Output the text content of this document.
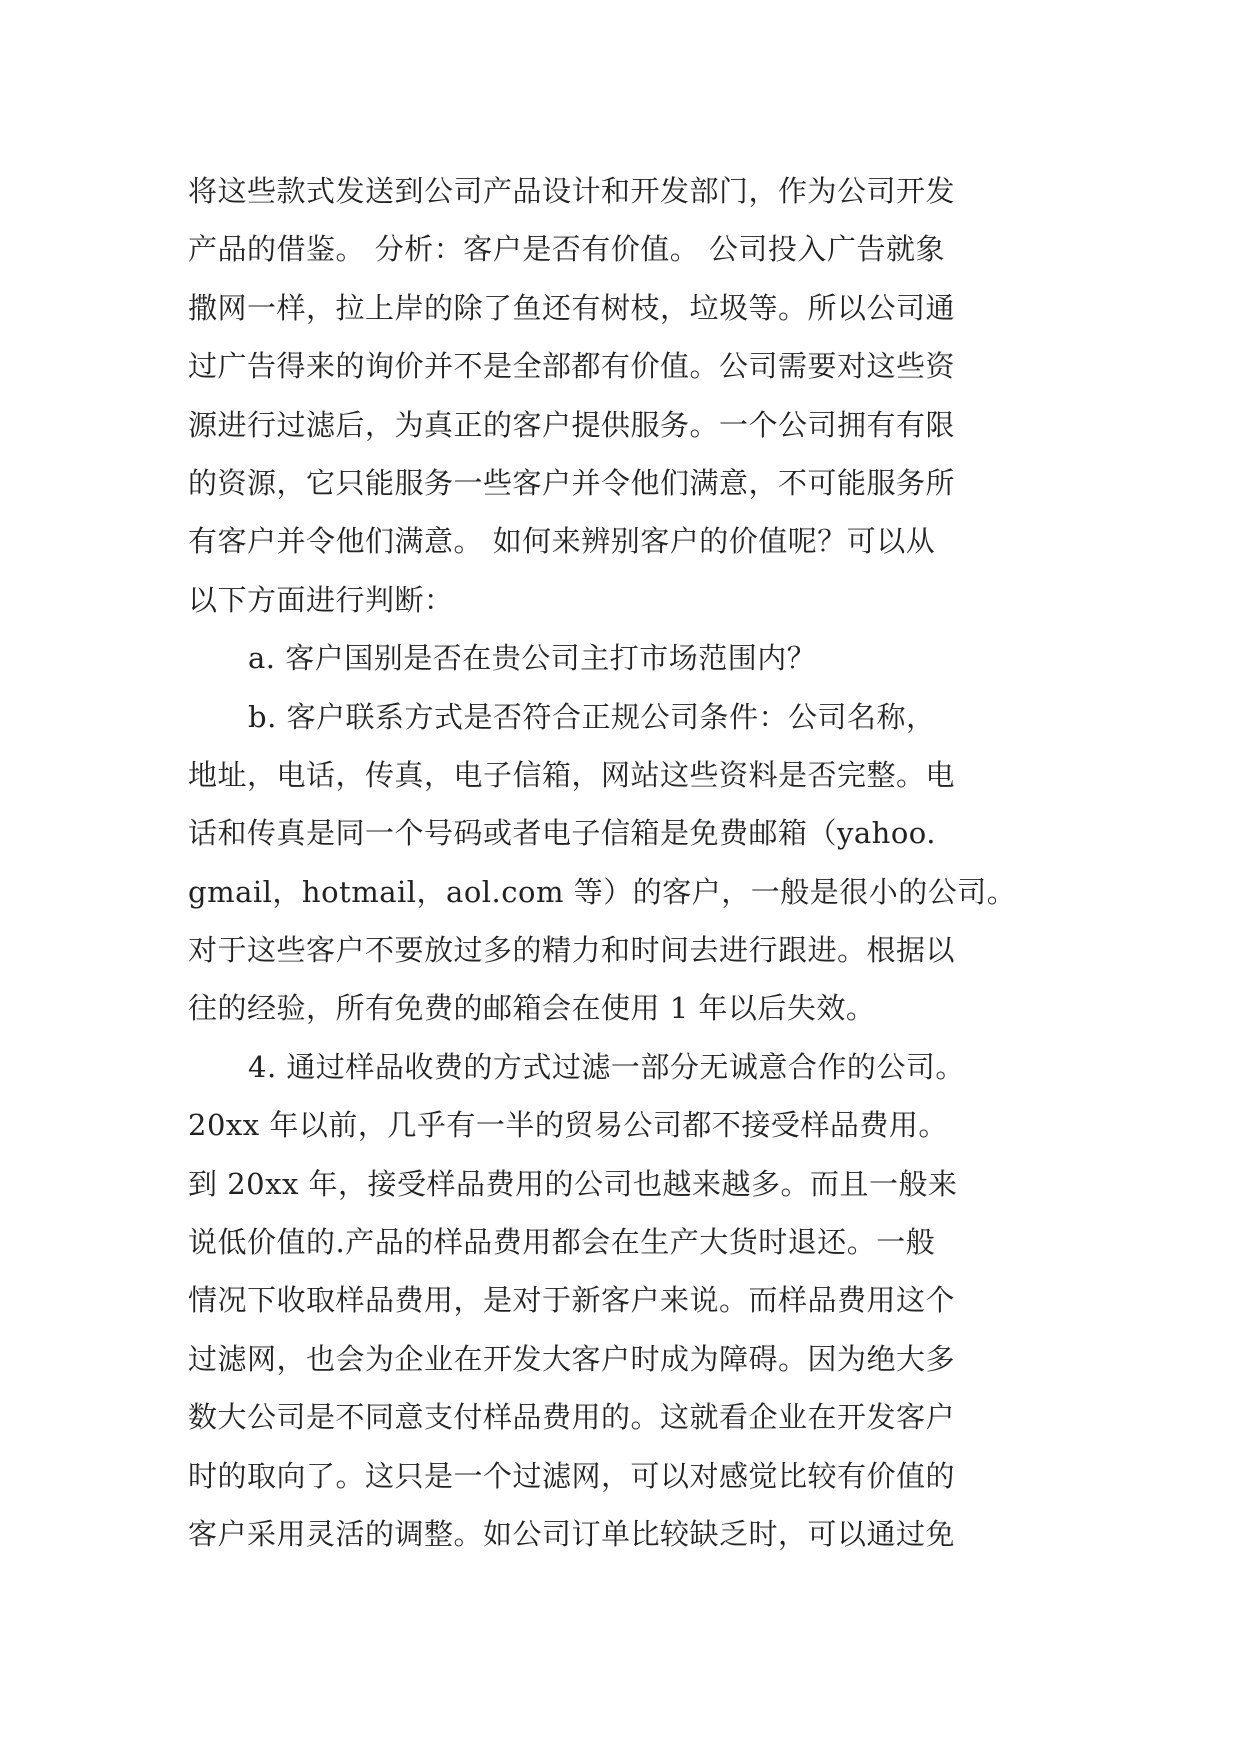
将这些款式发送到公司产品设计和开发部门，作为公司开发
产品的借鉴。 分析：客户是否有价值。 公司投入广告就象
撒网一样，拉上岸的除了鱼还有树枝，垃圾等。所以公司通
过广告得来的询价并不是全部都有价值。公司需要对这些资
源进行过滤后，为真正的客户提供服务。一个公司拥有有限
的资源，它只能服务一些客户并令他们满意，不可能服务所
有客户并令他们满意。 如何来辨别客户的价值呢？可以从
以下方面进行判断：
a. 客户国别是否在贵公司主打市场范围内？
b. 客户联系方式是否符合正规公司条件：公司名称，
地址，电话，传真，电子信箱，网站这些资料是否完整。电
话和传真是同一个号码或者电子信箱是免费邮箱（yahoo.
gmail，hotmail，aol.com 等）的客户，一般是很小的公司。
对于这些客户不要放过多的精力和时间去进行跟进。根据以
往的经验，所有免费的邮箱会在使用 1 年以后失效。
4. 通过样品收费的方式过滤一部分无诚意合作的公司。
20xx 年以前，几乎有一半的贸易公司都不接受样品费用。
到 20xx 年，接受样品费用的公司也越来越多。而且一般来
说低价值的.产品的样品费用都会在生产大货时退还。一般
情况下收取样品费用，是对于新客户来说。而样品费用这个
过滤网，也会为企业在开发大客户时成为障碍。因为绝大多
数大公司是不同意支付样品费用的。这就看企业在开发客户
时的取向了。这只是一个过滤网，可以对感觉比较有价值的
客户采用灵活的调整。如公司订单比较缺乏时，可以通过免
